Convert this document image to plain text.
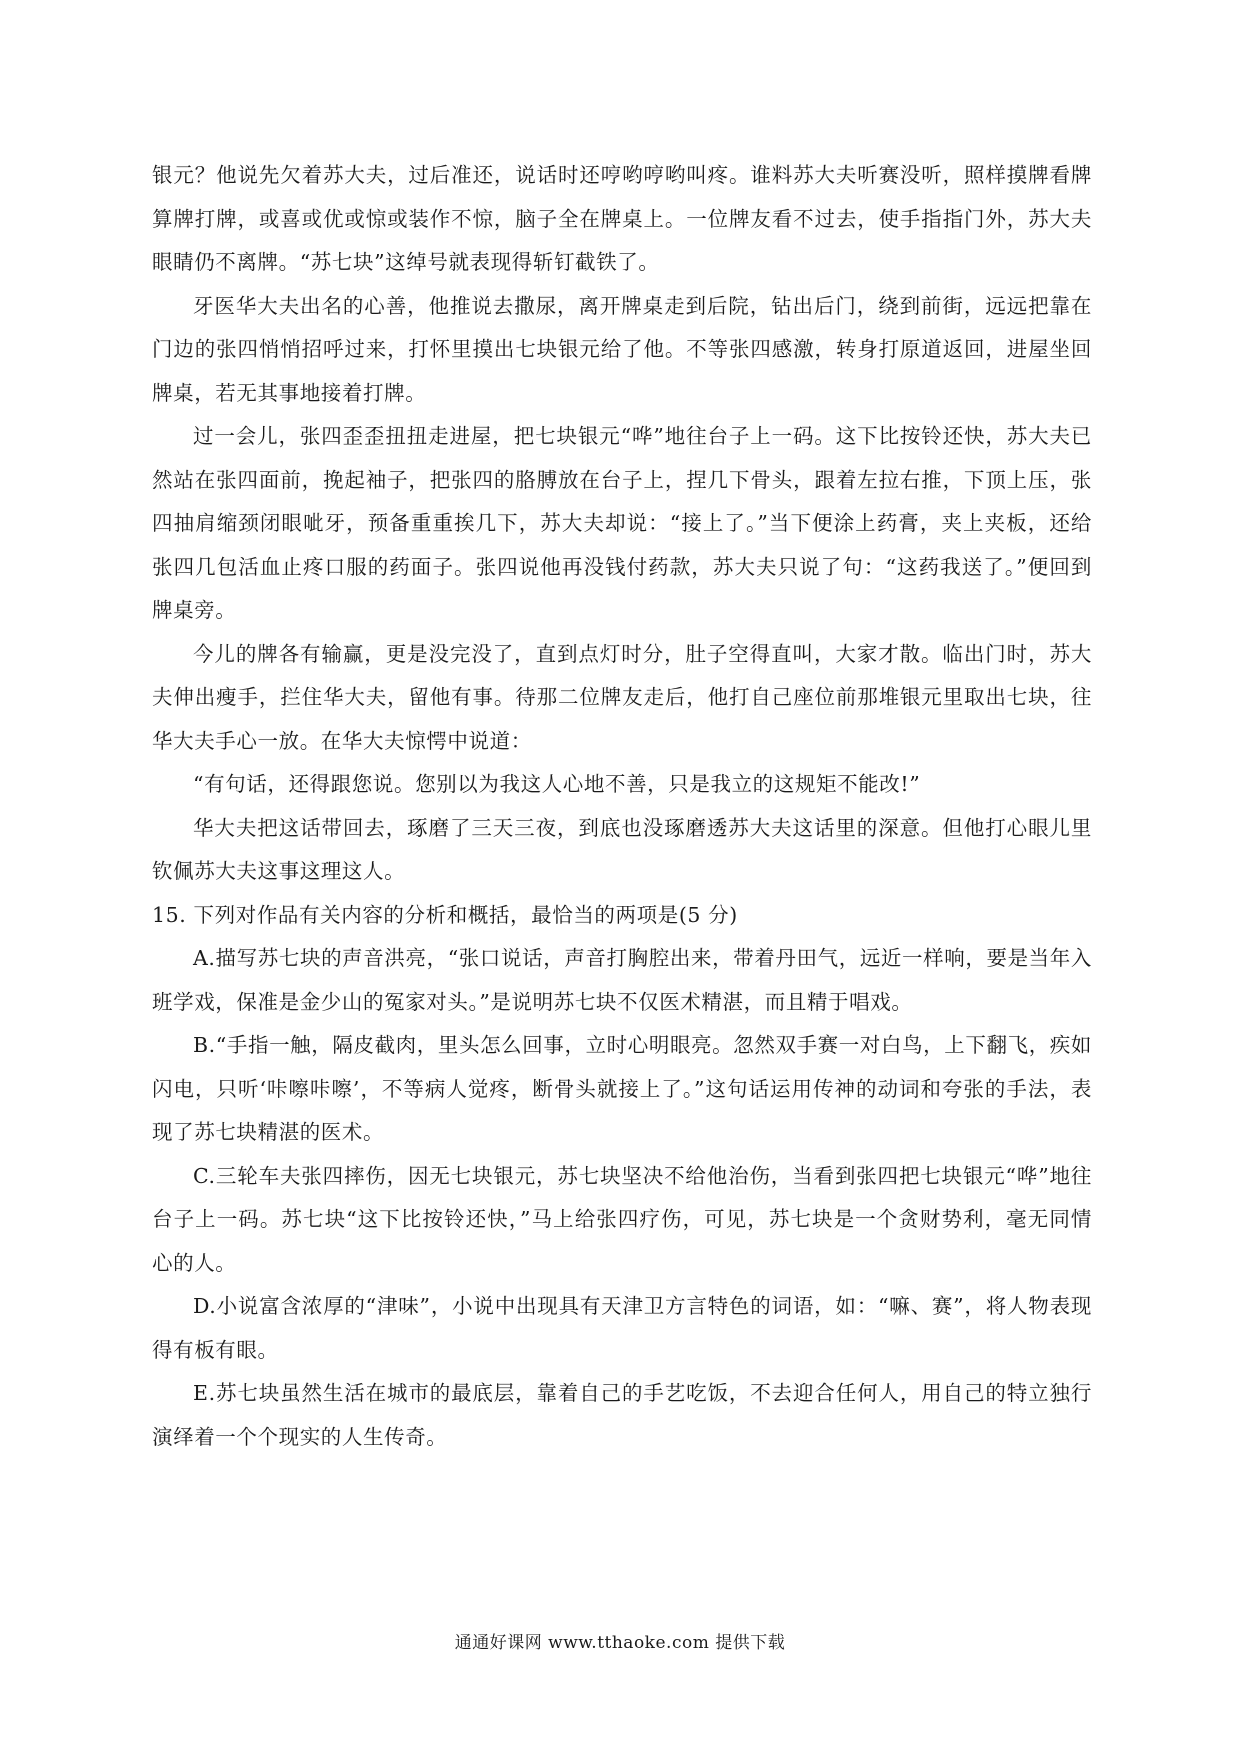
银元？他说先欠着苏大夫，过后准还，说话时还哼哟哼哟叫疼。谁料苏大夫听赛没听，照样摸牌看牌算牌打牌，或喜或优或惊或装作不惊，脑子全在牌桌上。一位牌友看不过去，使手指指门外，苏大夫眼睛仍不离牌。“苏七块”这绰号就表现得斩钉截铁了。

牙医华大夫出名的心善，他推说去撒尿，离开牌桌走到后院，钻出后门，绕到前街，远远把靠在门边的张四悄悄招呼过来，打怀里摸出七块银元给了他。不等张四感激，转身打原道返回，进屋坐回牌桌，若无其事地接着打牌。

过一会儿，张四歪歪扭扭走进屋，把七块银元“哗”地往台子上一码。这下比按铃还快，苏大夫已然站在张四面前，挽起袖子，把张四的胳膊放在台子上，捏几下骨头，跟着左拉右推，下顶上压，张四抽肩缩颈闭眼呲牙，预备重重挨几下，苏大夫却说：“接上了。”当下便涂上药膏，夹上夹板，还给张四几包活血止疼口服的药面子。张四说他再没钱付药款，苏大夫只说了句：“这药我送了。”便回到牌桌旁。

今儿的牌各有输赢，更是没完没了，直到点灯时分，肚子空得直叫，大家才散。临出门时，苏大夫伸出瘦手，拦住华大夫，留他有事。待那二位牌友走后，他打自己座位前那堆银元里取出七块，往华大夫手心一放。在华大夫惊愕中说道：

“有句话，还得跟您说。您别以为我这人心地不善，只是我立的这规矩不能改!”

华大夫把这话带回去，琢磨了三天三夜，到底也没琢磨透苏大夫这话里的深意。但他打心眼儿里钦佩苏大夫这事这理这人。

15. 下列对作品有关内容的分析和概括，最恰当的两项是(5 分)

A.描写苏七块的声音洪亮，“张口说话，声音打胸腔出来，带着丹田气，远近一样响，要是当年入班学戏，保准是金少山的冤家对头。”是说明苏七块不仅医术精湛，而且精于唱戏。

B.“手指一触，隔皮截肉，里头怎么回事，立时心明眼亮。忽然双手赛一对白鸟，上下翻飞，疾如闪电，只听‘咔嚓咔嚓’，不等病人觉疼，断骨头就接上了。”这句话运用传神的动词和夸张的手法，表现了苏七块精湛的医术。

C.三轮车夫张四摔伤，因无七块银元，苏七块坚决不给他治伤，当看到张四把七块银元“哗”地往台子上一码。苏七块“这下比按铃还快，”马上给张四疗伤，可见，苏七块是一个贪财势利，毫无同情心的人。

D.小说富含浓厚的“津味”，小说中出现具有天津卫方言特色的词语，如：“嘛、赛”，将人物表现得有板有眼。

E.苏七块虽然生活在城市的最底层，靠着自己的手艺吃饭，不去迎合任何人，用自己的特立独行演绎着一个个现实的人生传奇。

通通好课网 www.tthaoke.com 提供下载
